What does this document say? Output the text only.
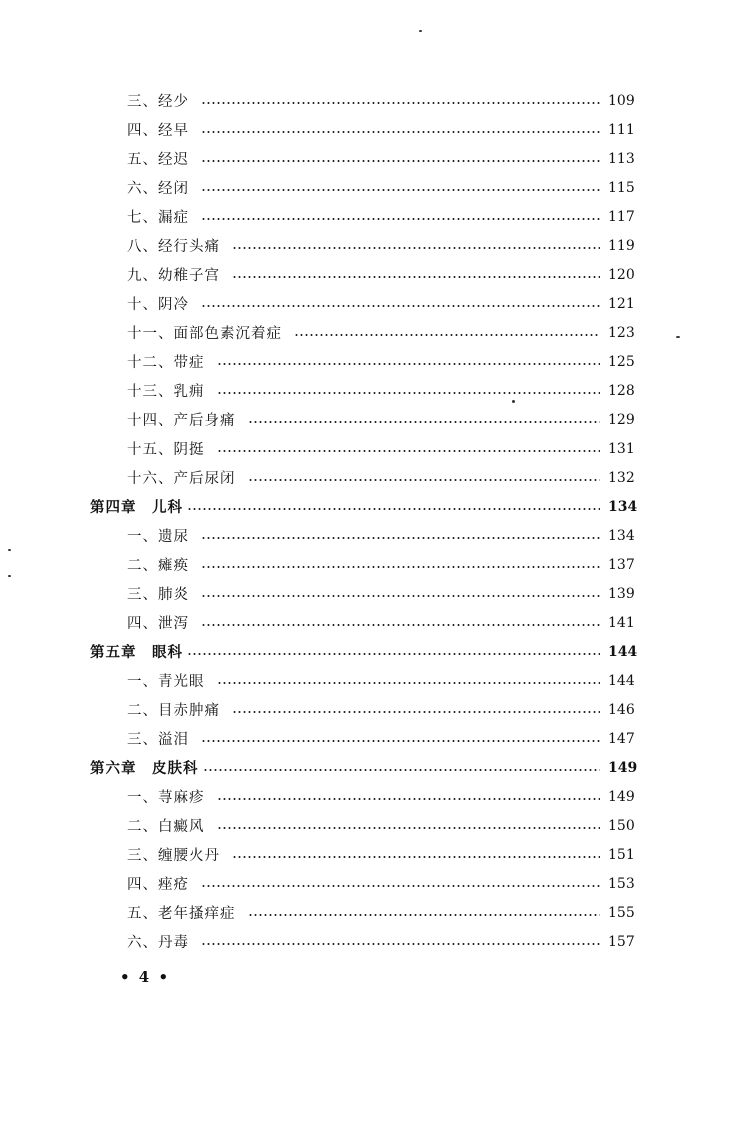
三、经少	109
四、经早	111
五、经迟	113
六、经闭	115
七、漏症	117
八、经行头痛	119
九、幼稚子宫	120
十、阴冷	121
十一、面部色素沉着症	123
十二、带症	125
十三、乳痈	128
十四、产后身痛	129
十五、阴挺	131
十六、产后尿闭	132
第四章　儿科	134
一、遗尿	134
二、瘫痪	137
三、肺炎	139
四、泄泻	141
第五章　眼科	144
一、青光眼	144
二、目赤肿痛	146
三、溢泪	147
第六章　皮肤科	149
一、荨麻疹	149
二、白癜风	150
三、缠腰火丹	151
四、痤疮	153
五、老年搔痒症	155
六、丹毒	157
• 4 •
